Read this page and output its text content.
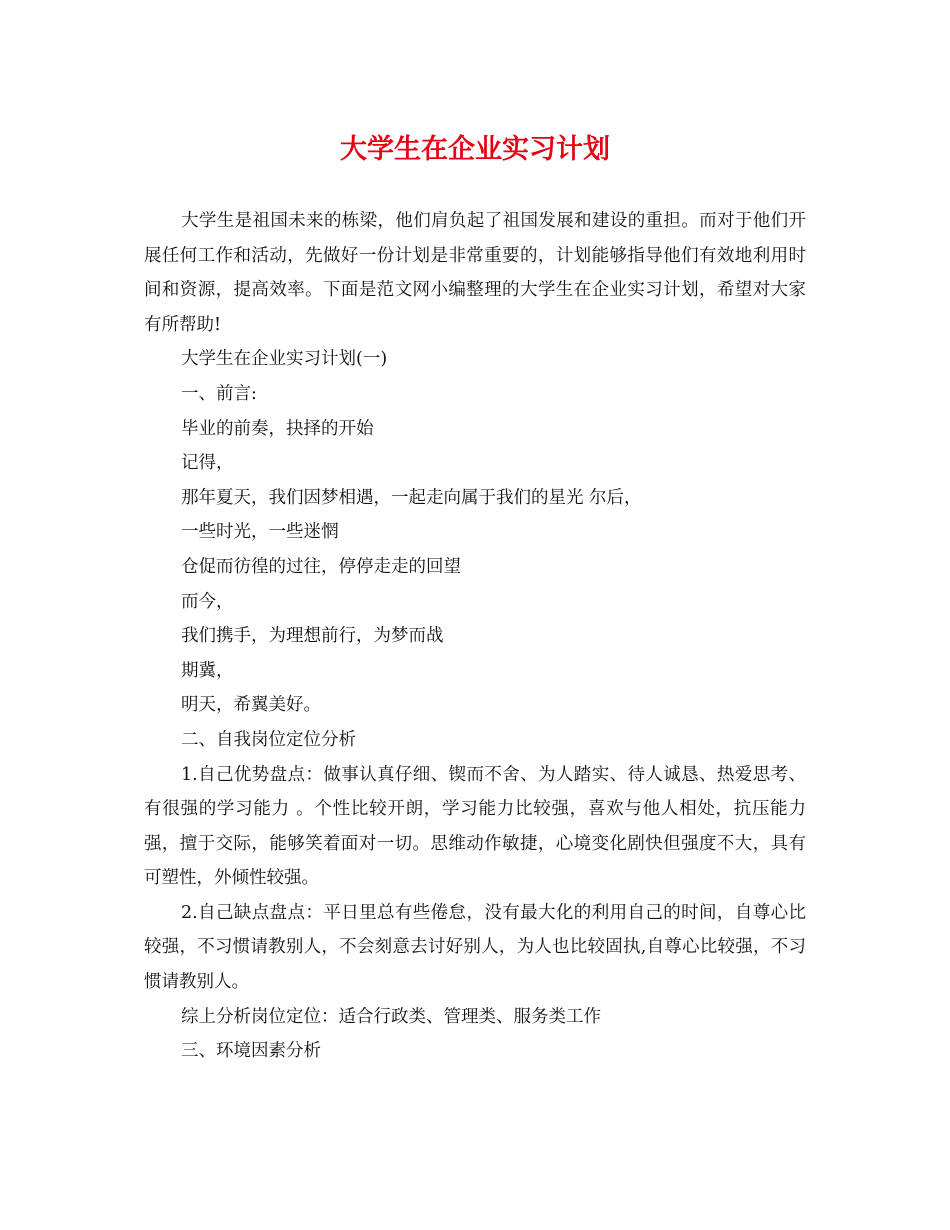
大学生在企业实习计划

大学生是祖国未来的栋梁，他们肩负起了祖国发展和建设的重担。而对于他们开展任何工作和活动，先做好一份计划是非常重要的，计划能够指导他们有效地利用时间和资源，提高效率。下面是范文网小编整理的大学生在企业实习计划，希望对大家有所帮助!

大学生在企业实习计划(一)

一、前言:

毕业的前奏，抉择的开始

记得，

那年夏天，我们因梦相遇，一起走向属于我们的星光 尔后，

一些时光，一些迷惘

仓促而彷徨的过往，停停走走的回望

而今，

我们携手，为理想前行，为梦而战

期冀，

明天，希翼美好。

二、自我岗位定位分析

1.自己优势盘点：做事认真仔细、锲而不舍、为人踏实、待人诚恳、热爱思考、有很强的学习能力 。个性比较开朗，学习能力比较强，喜欢与他人相处，抗压能力强，擅于交际，能够笑着面对一切。思维动作敏捷，心境变化剧快但强度不大，具有可塑性，外倾性较强。

2.自己缺点盘点：平日里总有些倦怠，没有最大化的利用自己的时间，自尊心比较强，不习惯请教别人，不会刻意去讨好别人，为人也比较固执,自尊心比较强，不习惯请教别人。

综上分析岗位定位：适合行政类、管理类、服务类工作

三、环境因素分析
